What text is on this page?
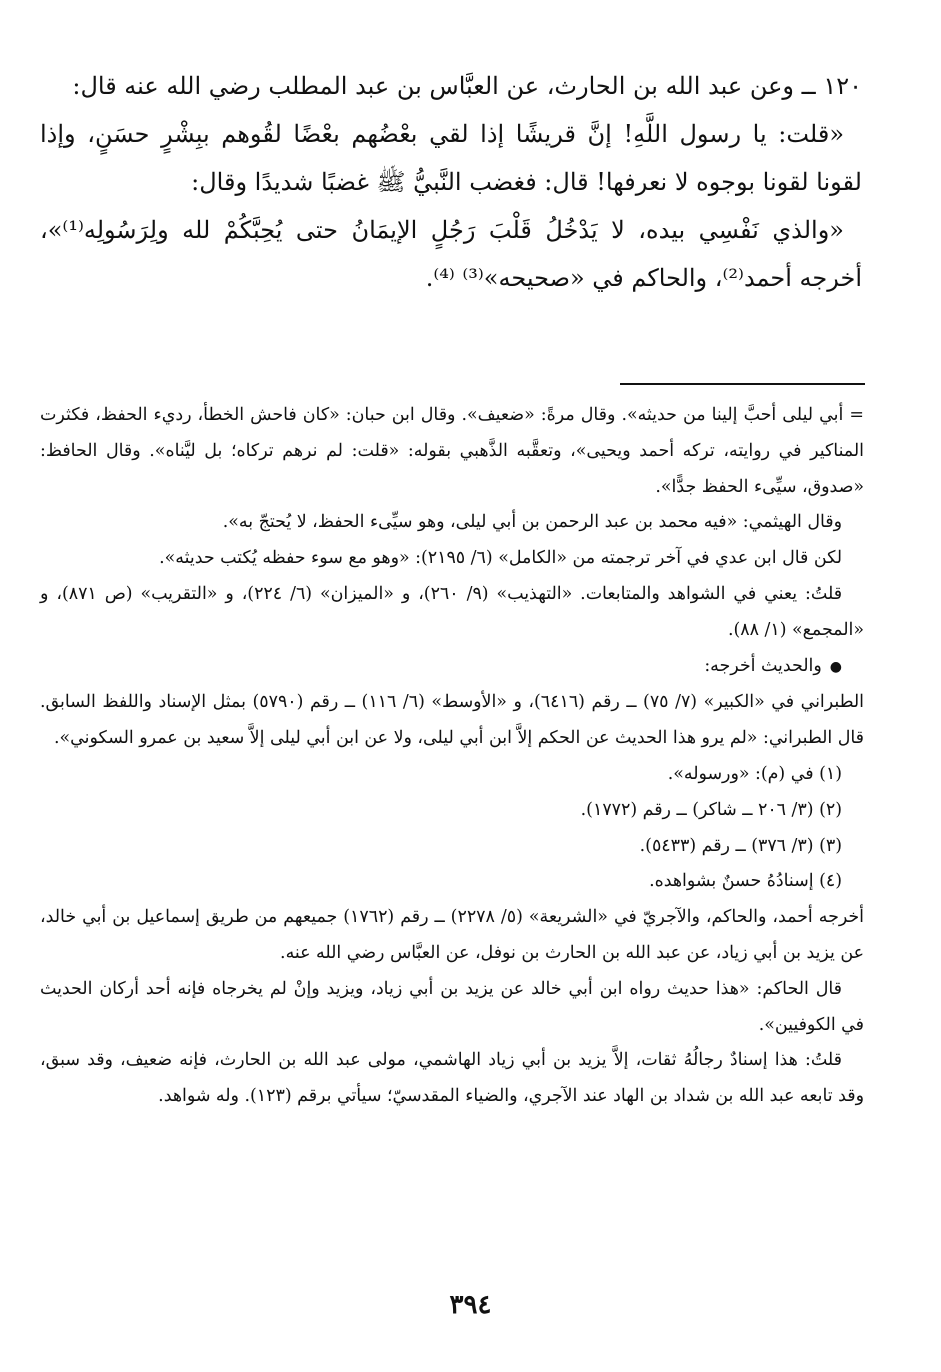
١٢٠ ــ وعن عبد الله بن الحارث، عن العبَّاس بن عبد المطلب رضي الله عنه قال:

«قلت: يا رسول اللَّهِ! إنَّ قريشًا إذا لقي بعْضُهم بعْضًا لقُوهم ببِشْرٍ حسَنٍ، وإذا لقونا لقونا بوجوه لا نعرفها! قال: فغضب النَّبيُّ ﷺ غضبًا شديدًا وقال:

«والذي نَفْسِي بيده، لا يَدْخُلُ قَلْبَ رَجُلٍ الإيمَانُ حتى يُحِبَّكُمْ لله ولِرَسُولِه⁽¹⁾»، أخرجه أحمد⁽²⁾، والحاكم في «صحيحه»⁽³⁾ ⁽⁴⁾.

= أبي ليلى أحبَّ إلينا من حديثه». وقال مرةً: «ضعيف». وقال ابن حبان: «كان فاحش الخطأ، رديء الحفظ، فكثرت المناكير في روايته، تركه أحمد ويحيى»، وتعقَّبه الذَّهبي بقوله: «قلت: لم نرهم تركاه؛ بل ليَّناه». وقال الحافظ: «صدوق، سيِّىء الحفظ جدًّا».

وقال الهيثمي: «فيه محمد بن عبد الرحمن بن أبي ليلى، وهو سيِّىء الحفظ، لا يُحتجّ به».

لكن قال ابن عدي في آخر ترجمته من «الكامل» (٦/ ٢١٩٥): «وهو مع سوء حفظه يُكتب حديثه».

قلتُ: يعني في الشواهد والمتابعات. «التهذيب» (٩/ ٢٦٠)، و «الميزان» (٦/ ٢٢٤)، و «التقريب» (ص ٨٧١)، و «المجمع» (١/ ٨٨).

● والحديث أخرجه:

الطبراني في «الكبير» (٧/ ٧٥) ــ رقم (٦٤١٦)، و «الأوسط» (٦/ ١١٦) ــ رقم (٥٧٩٠) بمثل الإسناد واللفظ السابق. قال الطبراني: «لم يرو هذا الحديث عن الحكم إلاَّ ابن أبي ليلى، ولا عن ابن أبي ليلى إلاَّ سعيد بن عمرو السكوني».

(١) في (م): «ورسوله».

(٢) (٣/ ٢٠٦ ــ شاكر) ــ رقم (١٧٧٢).

(٣) (٣/ ٣٧٦) ــ رقم (٥٤٣٣).

(٤) إسنادُهُ حسنٌ بشواهده.

أخرجه أحمد، والحاكم، والآجريّ في «الشريعة» (٥/ ٢٢٧٨) ــ رقم (١٧٦٢) جميعهم من طريق إسماعيل بن أبي خالد، عن يزيد بن أبي زياد، عن عبد الله بن الحارث بن نوفل، عن العبَّاس رضي الله عنه.

قال الحاكم: «هذا حديث رواه ابن أبي خالد عن يزيد بن أبي زياد، ويزيد وإنْ لم يخرجاه فإنه أحد أركان الحديث في الكوفيين».

قلتُ: هذا إسنادٌ رجالُهُ ثقات، إلاَّ يزيد بن أبي زياد الهاشمي، مولى عبد الله بن الحارث، فإنه ضعيف، وقد سبق، وقد تابعه عبد الله بن شداد بن الهاد عند الآجري، والضياء المقدسيّ؛ سيأتي برقم (١٢٣). وله شواهد.

٣٩٤
